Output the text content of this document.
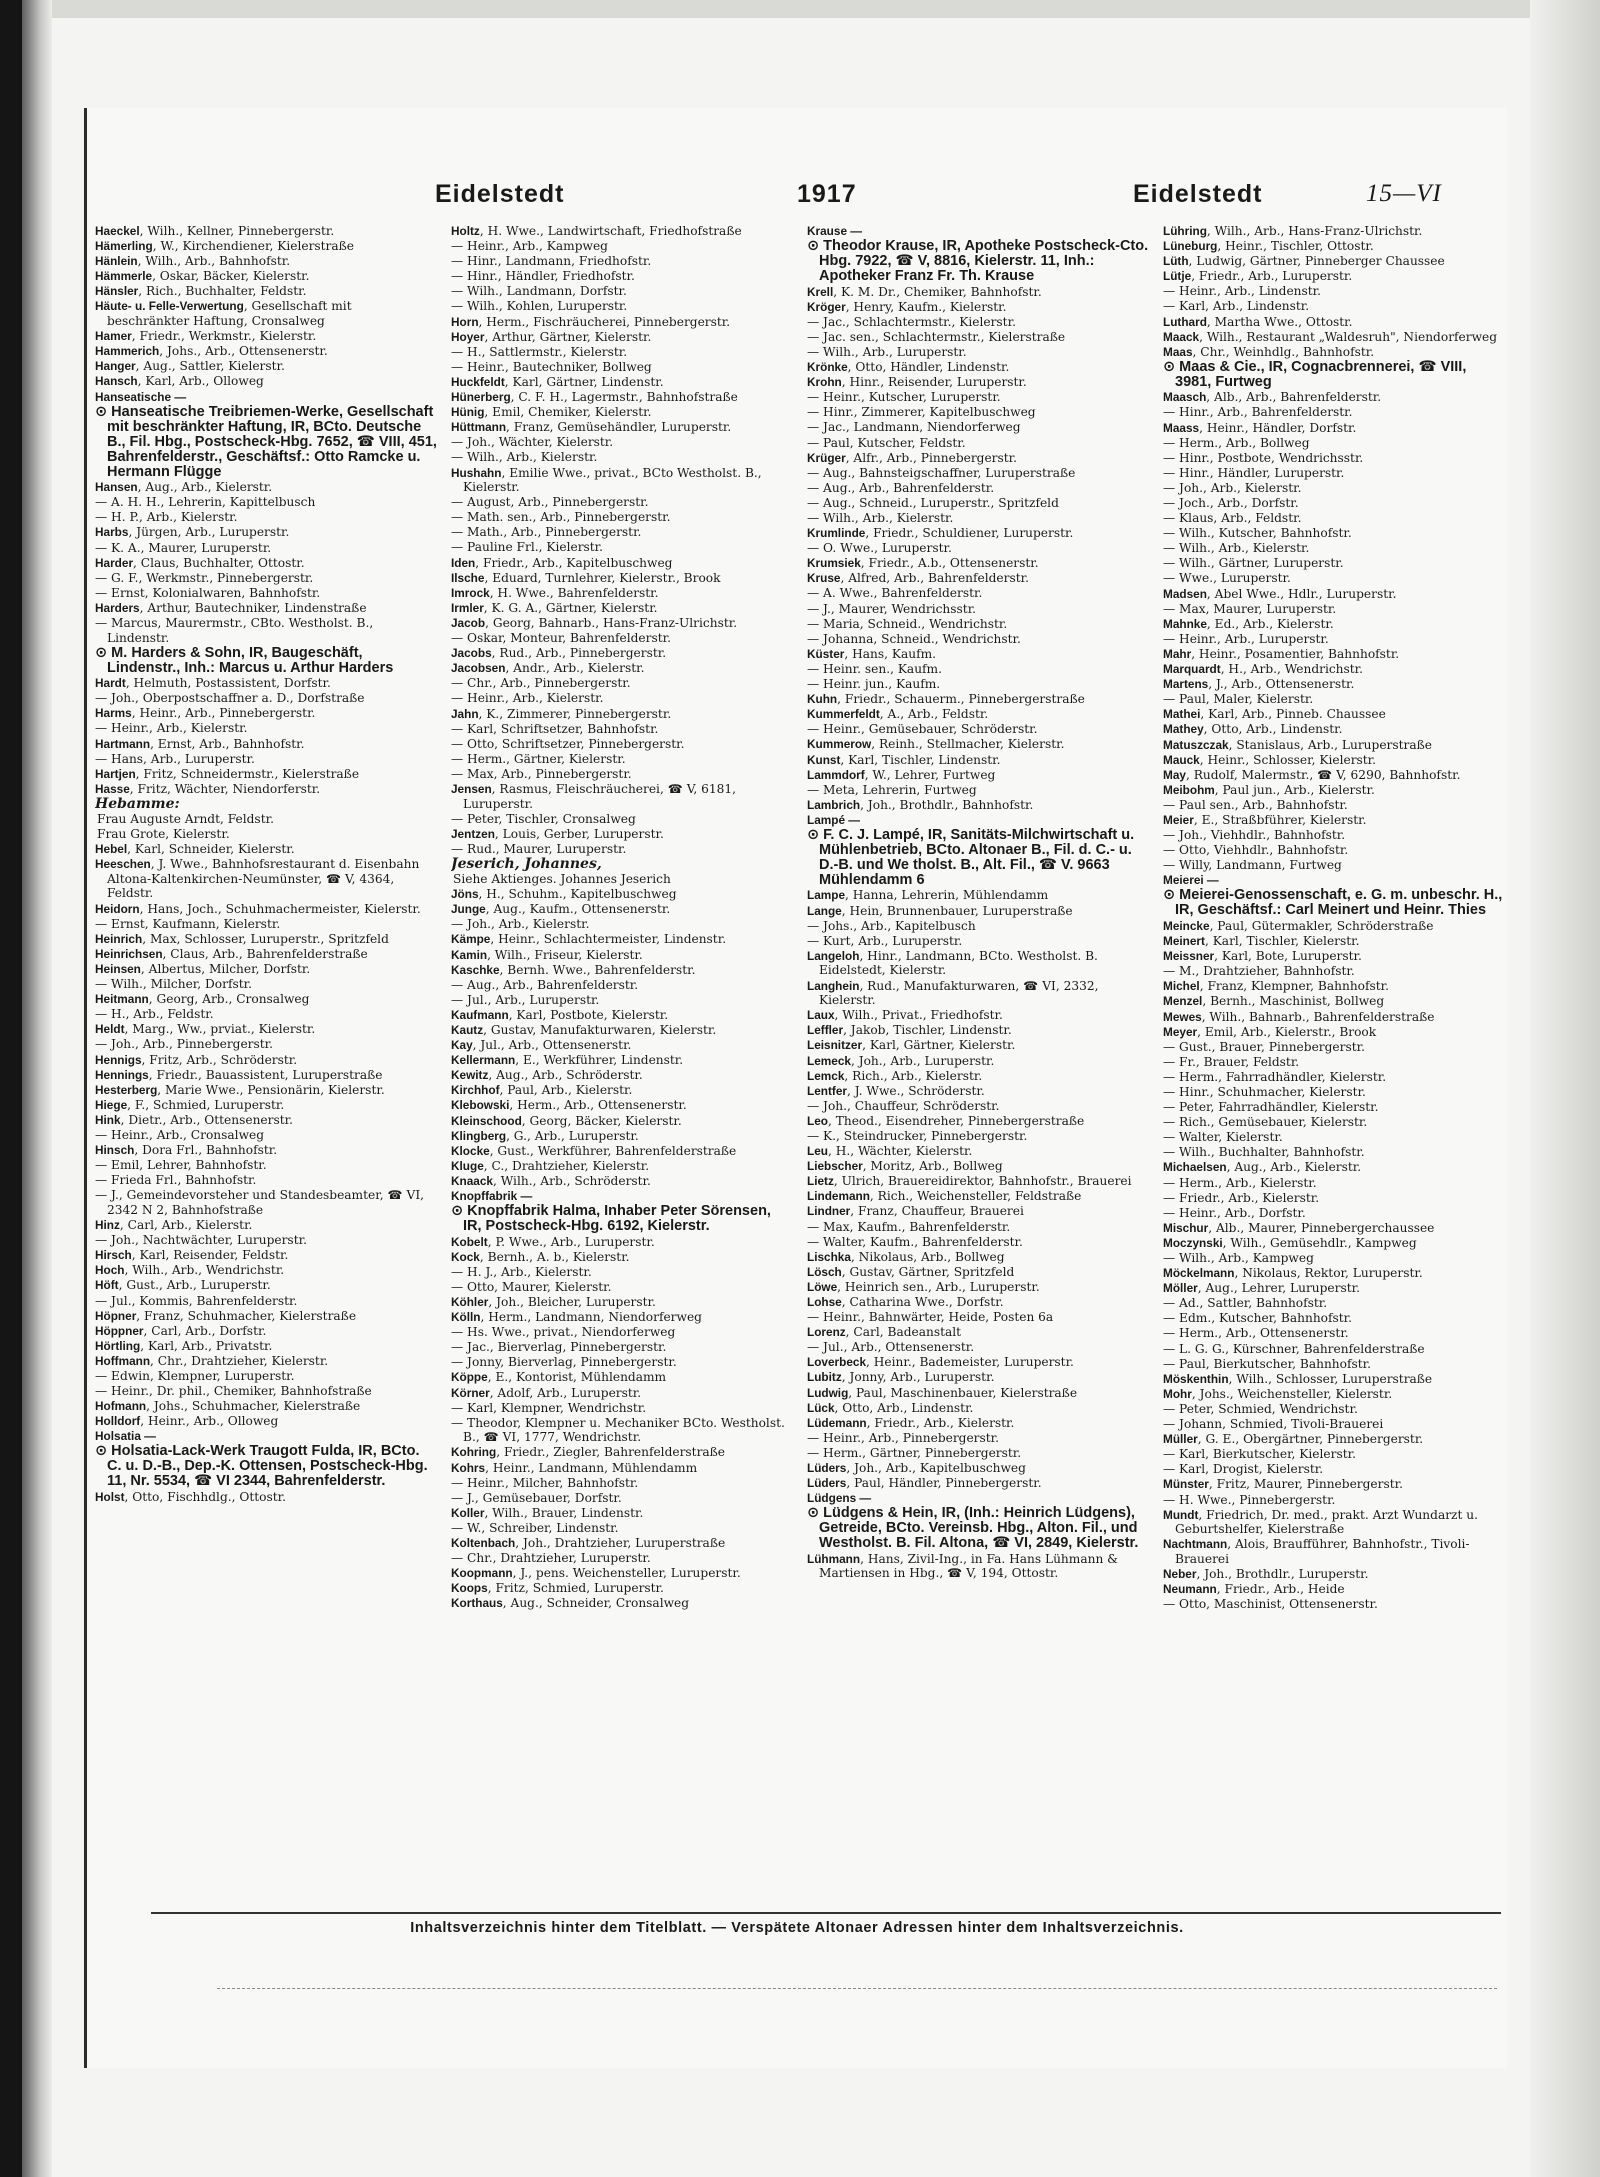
Eidelstedt	1917	Eidelstedt	15—VI
Haeckel, Wilh., Kellner, Pinnebergerstr.
Hämerling, W., Kirchendiener, Kielerstraße
Hänlein, Wilh., Arb., Bahnhofstr.
Hämmerle, Oskar, Bäcker, Kielerstr.
Hänsler, Rich., Buchhalter, Feldstr.
Häute- u. Felle-Verwertung, Gesellschaft mit beschränkter Haftung, Cronsalweg
Hamer, Friedr., Werkmstr., Kielerstr.
Hammerich, Johs., Arb., Ottensenerstr.
Hanger, Aug., Sattler, Kielerstr.
Hansch, Karl, Arb., Olloweg
Hanseatische —
⊙ Hanseatische Treibriemen-Werke, Gesellschaft mit beschränkter Haftung, IR, BCto. Deutsche B., Fil. Hbg., Postscheck-Hbg. 7652, ☎ VIII, 451, Bahrenfelderstr., Geschäftsf.: Otto Ramcke u. Hermann Flügge
Hansen, Aug., Arb., Kielerstr.
— A. H. H., Lehrerin, Kapittelbusch
— H. P., Arb., Kielerstr.
Harbs, Jürgen, Arb., Luruperstr.
— K. A., Maurer, Luruperstr.
Harder, Claus, Buchhalter, Ottostr.
— G. F., Werkmstr., Pinnebergerstr.
— Ernst, Kolonialwaren, Bahnhofstr.
Harders, Arthur, Bautechniker, Lindenstraße
— Marcus, Maurermstr., CBto. Westholst. B., Lindenstr.
⊙ M. Harders & Sohn, IR, Baugeschäft, Lindenstr., Inh.: Marcus u. Arthur Harders
Hardt, Helmuth, Postassistent, Dorfstr.
— Joh., Oberpostschaffner a. D., Dorfstraße
Harms, Heinr., Arb., Pinnebergerstr.
— Heinr., Arb., Kielerstr.
Hartmann, Ernst, Arb., Bahnhofstr.
— Hans, Arb., Luruperstr.
Hartjen, Fritz, Schneidermstr., Kielerstraße
Hasse, Fritz, Wächter, Niendorferstr.
Hebamme:
Frau Auguste Arndt, Feldstr.
Frau Grote, Kielerstr.
Hebel, Karl, Schneider, Kielerstr.
Heeschen, J. Wwe., Bahnhofsrestaurant d. Eisenbahn Altona-Kaltenkirchen-Neumünster, ☎ V, 4364, Feldstr.
Heidorn, Hans, Joch., Schuhmachermeister, Kielerstr.
— Ernst, Kaufmann, Kielerstr.
Heinrich, Max, Schlosser, Luruperstr., Spritzfeld
Heinrichsen, Claus, Arb., Bahrenfelderstraße
Heinsen, Albertus, Milcher, Dorfstr.
— Wilh., Milcher, Dorfstr.
Heitmann, Georg, Arb., Cronsalweg
— H., Arb., Feldstr.
Heldt, Marg., Ww., prviat., Kielerstr.
— Joh., Arb., Pinnebergerstr.
Hennigs, Fritz, Arb., Schröderstr.
Hennings, Friedr., Bauassistent, Luruperstraße
Hesterberg, Marie Wwe., Pensionärin, Kielerstr.
Hiege, F., Schmied, Luruperstr.
Hink, Dietr., Arb., Ottensenerstr.
— Heinr., Arb., Cronsalweg
Hinsch, Dora Frl., Bahnhofstr.
— Emil, Lehrer, Bahnhofstr.
— Frieda Frl., Bahnhofstr.
— J., Gemeindevorsteher und Standesbeamter, ☎ VI, 2342 N 2, Bahnhofstraße
Hinz, Carl, Arb., Kielerstr.
— Joh., Nachtwächter, Luruperstr.
Hirsch, Karl, Reisender, Feldstr.
Hoch, Wilh., Arb., Wendrichstr.
Höft, Gust., Arb., Luruperstr.
— Jul., Kommis, Bahrenfelderstr.
Höpner, Franz, Schuhmacher, Kielerstraße
Höppner, Carl, Arb., Dorfstr.
Hörtling, Karl, Arb., Privatstr.
Hoffmann, Chr., Drahtzieher, Kielerstr.
— Edwin, Klempner, Luruperstr.
— Heinr., Dr. phil., Chemiker, Bahnhofstraße
Hofmann, Johs., Schuhmacher, Kielerstraße
Holldorf, Heinr., Arb., Olloweg
Holsatia —
⊙ Holsatia-Lack-Werk Traugott Fulda, IR, BCto. C. u. D.-B., Dep.-K. Ottensen, Postscheck-Hbg. 11, Nr. 5534, ☎ VI 2344, Bahrenfelderstr.
Holst, Otto, Fischhdlg., Ottostr.
Holtz, H. Wwe., Landwirtschaft, Friedhofstraße
— Heinr., Arb., Kampweg
— Hinr., Landmann, Friedhofstr.
— Hinr., Händler, Friedhofstr.
— Wilh., Landmann, Dorfstr.
— Wilh., Kohlen, Luruperstr.
Horn, Herm., Fischräucherei, Pinnebergerstr.
Hoyer, Arthur, Gärtner, Kielerstr.
— H., Sattlermstr., Kielerstr.
— Heinr., Bautechniker, Bollweg
Huckfeldt, Karl, Gärtner, Lindenstr.
Hünerberg, C. F. H., Lagermstr., Bahnhofstraße
Hünig, Emil, Chemiker, Kielerstr.
Hüttmann, Franz, Gemüsehändler, Luruperstr.
— Joh., Wächter, Kielerstr.
— Wilh., Arb., Kielerstr.
Hushahn, Emilie Wwe., privat., BCto Westholst. B., Kielerstr.
— August, Arb., Pinnebergerstr.
— Math. sen., Arb., Pinnebergerstr.
— Math., Arb., Pinnebergerstr.
— Pauline Frl., Kielerstr.
Iden, Friedr., Arb., Kapitelbuschweg
Ilsche, Eduard, Turnlehrer, Kielerstr., Brook
Imrock, H. Wwe., Bahrenfelderstr.
Irmler, K. G. A., Gärtner, Kielerstr.
Jacob, Georg, Bahnarb., Hans-Franz-Ulrichstr.
— Oskar, Monteur, Bahrenfelderstr.
Jacobs, Rud., Arb., Pinnebergerstr.
Jacobsen, Andr., Arb., Kielerstr.
— Chr., Arb., Pinnebergerstr.
— Heinr., Arb., Kielerstr.
Jahn, K., Zimmerer, Pinnebergerstr.
— Karl, Schriftsetzer, Bahnhofstr.
— Otto, Schriftsetzer, Pinnebergerstr.
— Herm., Gärtner, Kielerstr.
— Max, Arb., Pinnebergerstr.
Jensen, Rasmus, Fleischräucherei, ☎ V, 6181, Luruperstr.
— Peter, Tischler, Cronsalweg
Jentzen, Louis, Gerber, Luruperstr.
— Rud., Maurer, Luruperstr.
Jeserich, Johannes,
Siehe Aktienges. Johannes Jeserich
Jöns, H., Schuhm., Kapitelbuschweg
Junge, Aug., Kaufm., Ottensenerstr.
— Joh., Arb., Kielerstr.
Kämpe, Heinr., Schlachtermeister, Lindenstr.
Kamin, Wilh., Friseur, Kielerstr.
Kaschke, Bernh. Wwe., Bahrenfelderstr.
— Aug., Arb., Bahrenfelderstr.
— Jul., Arb., Luruperstr.
Kaufmann, Karl, Postbote, Kielerstr.
Kautz, Gustav, Manufakturwaren, Kielerstr.
Kay, Jul., Arb., Ottensenerstr.
Kellermann, E., Werkführer, Lindenstr.
Kewitz, Aug., Arb., Schröderstr.
Kirchhof, Paul, Arb., Kielerstr.
Klebowski, Herm., Arb., Ottensenerstr.
Kleinschood, Georg, Bäcker, Kielerstr.
Klingberg, G., Arb., Luruperstr.
Klocke, Gust., Werkführer, Bahrenfelderstraße
Kluge, C., Drahtzieher, Kielerstr.
Knaack, Wilh., Arb., Schröderstr.
Knopffabrik —
⊙ Knopffabrik Halma, Inhaber Peter Sörensen, IR, Postscheck-Hbg. 6192, Kielerstr.
Kobelt, P. Wwe., Arb., Luruperstr.
Kock, Bernh., A. b., Kielerstr.
— H. J., Arb., Kielerstr.
— Otto, Maurer, Kielerstr.
Köhler, Joh., Bleicher, Luruperstr.
Kölln, Herm., Landmann, Niendorferweg
— Hs. Wwe., privat., Niendorferweg
— Jac., Bierverlag, Pinnebergerstr.
— Jonny, Bierverlag, Pinnebergerstr.
Köppe, E., Kontorist, Mühlendamm
Körner, Adolf, Arb., Luruperstr.
— Karl, Klempner, Wendrichstr.
— Theodor, Klempner u. Mechaniker BCto. Westholst. B., ☎ VI, 1777, Wendrichstr.
Kohring, Friedr., Ziegler, Bahrenfelderstraße
Kohrs, Heinr., Landmann, Mühlendamm
— Heinr., Milcher, Bahnhofstr.
— J., Gemüsebauer, Dorfstr.
Koller, Wilh., Brauer, Lindenstr.
— W., Schreiber, Lindenstr.
Koltenbach, Joh., Drahtzieher, Luruperstraße
— Chr., Drahtzieher, Luruperstr.
Koopmann, J., pens. Weichensteller, Luruperstr.
Koops, Fritz, Schmied, Luruperstr.
Korthaus, Aug., Schneider, Cronsalweg
Krause —
⊙ Theodor Krause, IR, Apotheke Postscheck-Cto. Hbg. 7922, ☎ V, 8816, Kielerstr. 11, Inh.: Apotheker Franz Fr. Th. Krause
Krell, K. M. Dr., Chemiker, Bahnhofstr.
Kröger, Henry, Kaufm., Kielerstr.
— Jac., Schlachtermstr., Kielerstr.
— Jac. sen., Schlachtermstr., Kielerstraße
— Wilh., Arb., Luruperstr.
Krönke, Otto, Händler, Lindenstr.
Krohn, Hinr., Reisender, Luruperstr.
— Heinr., Kutscher, Luruperstr.
— Hinr., Zimmerer, Kapitelbuschweg
— Jac., Landmann, Niendorferweg
— Paul, Kutscher, Feldstr.
Krüger, Alfr., Arb., Pinnebergerstr.
— Aug., Bahnsteigschaffner, Luruperstraße
— Aug., Arb., Bahrenfelderstr.
— Aug., Schneid., Luruperstr., Spritzfeld
— Wilh., Arb., Kielerstr.
Krumlinde, Friedr., Schuldiener, Luruperstr.
— O. Wwe., Luruperstr.
Krumsiek, Friedr., A.b., Ottensenerstr.
Kruse, Alfred, Arb., Bahrenfelderstr.
— A. Wwe., Bahrenfelderstr.
— J., Maurer, Wendrichsstr.
— Maria, Schneid., Wendrichstr.
— Johanna, Schneid., Wendrichstr.
Küster, Hans, Kaufm.
— Heinr. sen., Kaufm.
— Heinr. jun., Kaufm.
Kuhn, Friedr., Schauerm., Pinnebergerstraße
Kummerfeldt, A., Arb., Feldstr.
— Heinr., Gemüsebauer, Schröderstr.
Kummerow, Reinh., Stellmacher, Kielerstr.
Kunst, Karl, Tischler, Lindenstr.
Lammdorf, W., Lehrer, Furtweg
— Meta, Lehrerin, Furtweg
Lambrich, Joh., Brothdlr., Bahnhofstr.
Lampé —
⊙ F. C. J. Lampé, IR, Sanitäts-Milchwirtschaft u. Mühlenbetrieb, BCto. Altonaer B., Fil. d. C.- u. D.-B. und We tholst. B., Alt. Fil., ☎ V. 9663 Mühlendamm 6
Lampe, Hanna, Lehrerin, Mühlendamm
Lange, Hein, Brunnenbauer, Luruperstraße
— Johs., Arb., Kapitelbusch
— Kurt, Arb., Luruperstr.
Langeloh, Hinr., Landmann, BCto. Westholst. B. Eidelstedt, Kielerstr.
Langhein, Rud., Manufakturwaren, ☎ VI, 2332, Kielerstr.
Laux, Wilh., Privat., Friedhofstr.
Leffler, Jakob, Tischler, Lindenstr.
Leisnitzer, Karl, Gärtner, Kielerstr.
Lemeck, Joh., Arb., Luruperstr.
Lemck, Rich., Arb., Kielerstr.
Lentfer, J. Wwe., Schröderstr.
— Joh., Chauffeur, Schröderstr.
Leo, Theod., Eisendreher, Pinnebergerstraße
— K., Steindrucker, Pinnebergerstr.
Leu, H., Wächter, Kielerstr.
Liebscher, Moritz, Arb., Bollweg
Lietz, Ulrich, Brauereidirektor, Bahnhofstr., Brauerei
Lindemann, Rich., Weichensteller, Feldstraße
Lindner, Franz, Chauffeur, Brauerei
— Max, Kaufm., Bahrenfelderstr.
— Walter, Kaufm., Bahrenfelderstr.
Lischka, Nikolaus, Arb., Bollweg
Lösch, Gustav, Gärtner, Spritzfeld
Löwe, Heinrich sen., Arb., Luruperstr.
Lohse, Catharina Wwe., Dorfstr.
— Heinr., Bahnwärter, Heide, Posten 6a
Lorenz, Carl, Badeanstalt
— Jul., Arb., Ottensenerstr.
Loverbeck, Heinr., Bademeister, Luruperstr.
Lubitz, Jonny, Arb., Luruperstr.
Ludwig, Paul, Maschinenbauer, Kielerstraße
Lück, Otto, Arb., Lindenstr.
Lüdemann, Friedr., Arb., Kielerstr.
— Heinr., Arb., Pinnebergerstr.
— Herm., Gärtner, Pinnebergerstr.
Lüders, Joh., Arb., Kapitelbuschweg
Lüders, Paul, Händler, Pinnebergerstr.
Lüdgens —
⊙ Lüdgens & Hein, IR, (Inh.: Heinrich Lüdgens), Getreide, BCto. Vereinsb. Hbg., Alton. Fil., und Westholst. B. Fil. Altona, ☎ VI, 2849, Kielerstr.
Lühmann, Hans, Zivil-Ing., in Fa. Hans Lühmann & Martiensen in Hbg., ☎ V, 194, Ottostr.
Lühring, Wilh., Arb., Hans-Franz-Ulrichstr.
Lüneburg, Heinr., Tischler, Ottostr.
Lüth, Ludwig, Gärtner, Pinneberger Chaussee
Lütje, Friedr., Arb., Luruperstr.
— Heinr., Arb., Lindenstr.
— Karl, Arb., Lindenstr.
Luthard, Martha Wwe., Ottostr.
Maack, Wilh., Restaurant „Waldesruh", Niendorferweg
Maas, Chr., Weinhdlg., Bahnhofstr.
⊙ Maas & Cie., IR, Cognacbrennerei, ☎ VIII, 3981, Furtweg
Maasch, Alb., Arb., Bahrenfelderstr.
— Hinr., Arb., Bahrenfelderstr.
Maass, Heinr., Händler, Dorfstr.
— Herm., Arb., Bollweg
— Hinr., Postbote, Wendrichsstr.
— Hinr., Händler, Luruperstr.
— Joh., Arb., Kielerstr.
— Joch., Arb., Dorfstr.
— Klaus, Arb., Feldstr.
— Wilh., Kutscher, Bahnhofstr.
— Wilh., Arb., Kielerstr.
— Wilh., Gärtner, Luruperstr.
— Wwe., Luruperstr.
Madsen, Abel Wwe., Hdlr., Luruperstr.
— Max, Maurer, Luruperstr.
Mahnke, Ed., Arb., Kielerstr.
— Heinr., Arb., Luruperstr.
Mahr, Heinr., Posamentier, Bahnhofstr.
Marquardt, H., Arb., Wendrichstr.
Martens, J., Arb., Ottensenerstr.
— Paul, Maler, Kielerstr.
Mathei, Karl, Arb., Pinneb. Chaussee
Mathey, Otto, Arb., Lindenstr.
Matuszczak, Stanislaus, Arb., Luruperstraße
Mauck, Heinr., Schlosser, Kielerstr.
May, Rudolf, Malermstr., ☎ V, 6290, Bahnhofstr.
Meibohm, Paul jun., Arb., Kielerstr.
— Paul sen., Arb., Bahnhofstr.
Meier, E., Straßbführer, Kielerstr.
— Joh., Viehhdlr., Bahnhofstr.
— Otto, Viehhdlr., Bahnhofstr.
— Willy, Landmann, Furtweg
Meierei —
⊙ Meierei-Genossenschaft, e. G. m. unbeschr. H., IR, Geschäftsf.: Carl Meinert und Heinr. Thies
Meincke, Paul, Gütermakler, Schröderstraße
Meinert, Karl, Tischler, Kielerstr.
Meissner, Karl, Bote, Luruperstr.
— M., Drahtzieher, Bahnhofstr.
Michel, Franz, Klempner, Bahnhofstr.
Menzel, Bernh., Maschinist, Bollweg
Mewes, Wilh., Bahnarb., Bahrenfelderstraße
Meyer, Emil, Arb., Kielerstr., Brook
— Gust., Brauer, Pinnebergerstr.
— Fr., Brauer, Feldstr.
— Herm., Fahrradhändler, Kielerstr.
— Hinr., Schuhmacher, Kielerstr.
— Peter, Fahrradhändler, Kielerstr.
— Rich., Gemüsebauer, Kielerstr.
— Walter, Kielerstr.
— Wilh., Buchhalter, Bahnhofstr.
Michaelsen, Aug., Arb., Kielerstr.
— Herm., Arb., Kielerstr.
— Friedr., Arb., Kielerstr.
— Heinr., Arb., Dorfstr.
Mischur, Alb., Maurer, Pinnebergerchaussee
Moczynski, Wilh., Gemüsehdlr., Kampweg
— Wilh., Arb., Kampweg
Möckelmann, Nikolaus, Rektor, Luruperstr.
Möller, Aug., Lehrer, Luruperstr.
— Ad., Sattler, Bahnhofstr.
— Edm., Kutscher, Bahnhofstr.
— Herm., Arb., Ottensenerstr.
— L. G. G., Kürschner, Bahrenfelderstraße
— Paul, Bierkutscher, Bahnhofstr.
Möskenthin, Wilh., Schlosser, Luruperstraße
Mohr, Johs., Weichensteller, Kielerstr.
— Peter, Schmied, Wendrichstr.
— Johann, Schmied, Tivoli-Brauerei
Müller, G. E., Obergärtner, Pinnebergerstr.
— Karl, Bierkutscher, Kielerstr.
— Karl, Drogist, Kielerstr.
Münster, Fritz, Maurer, Pinnebergerstr.
— H. Wwe., Pinnebergerstr.
Mundt, Friedrich, Dr. med., prakt. Arzt Wundarzt u. Geburtshelfer, Kielerstraße
Nachtmann, Alois, Braufführer, Bahnhofstr., Tivoli-Brauerei
Neber, Joh., Brothdlr., Luruperstr.
Neumann, Friedr., Arb., Heide
— Otto, Maschinist, Ottensenerstr.
Inhaltsverzeichnis hinter dem Titelblatt. — Verspätete Altonaer Adressen hinter dem Inhaltsverzeichnis.
